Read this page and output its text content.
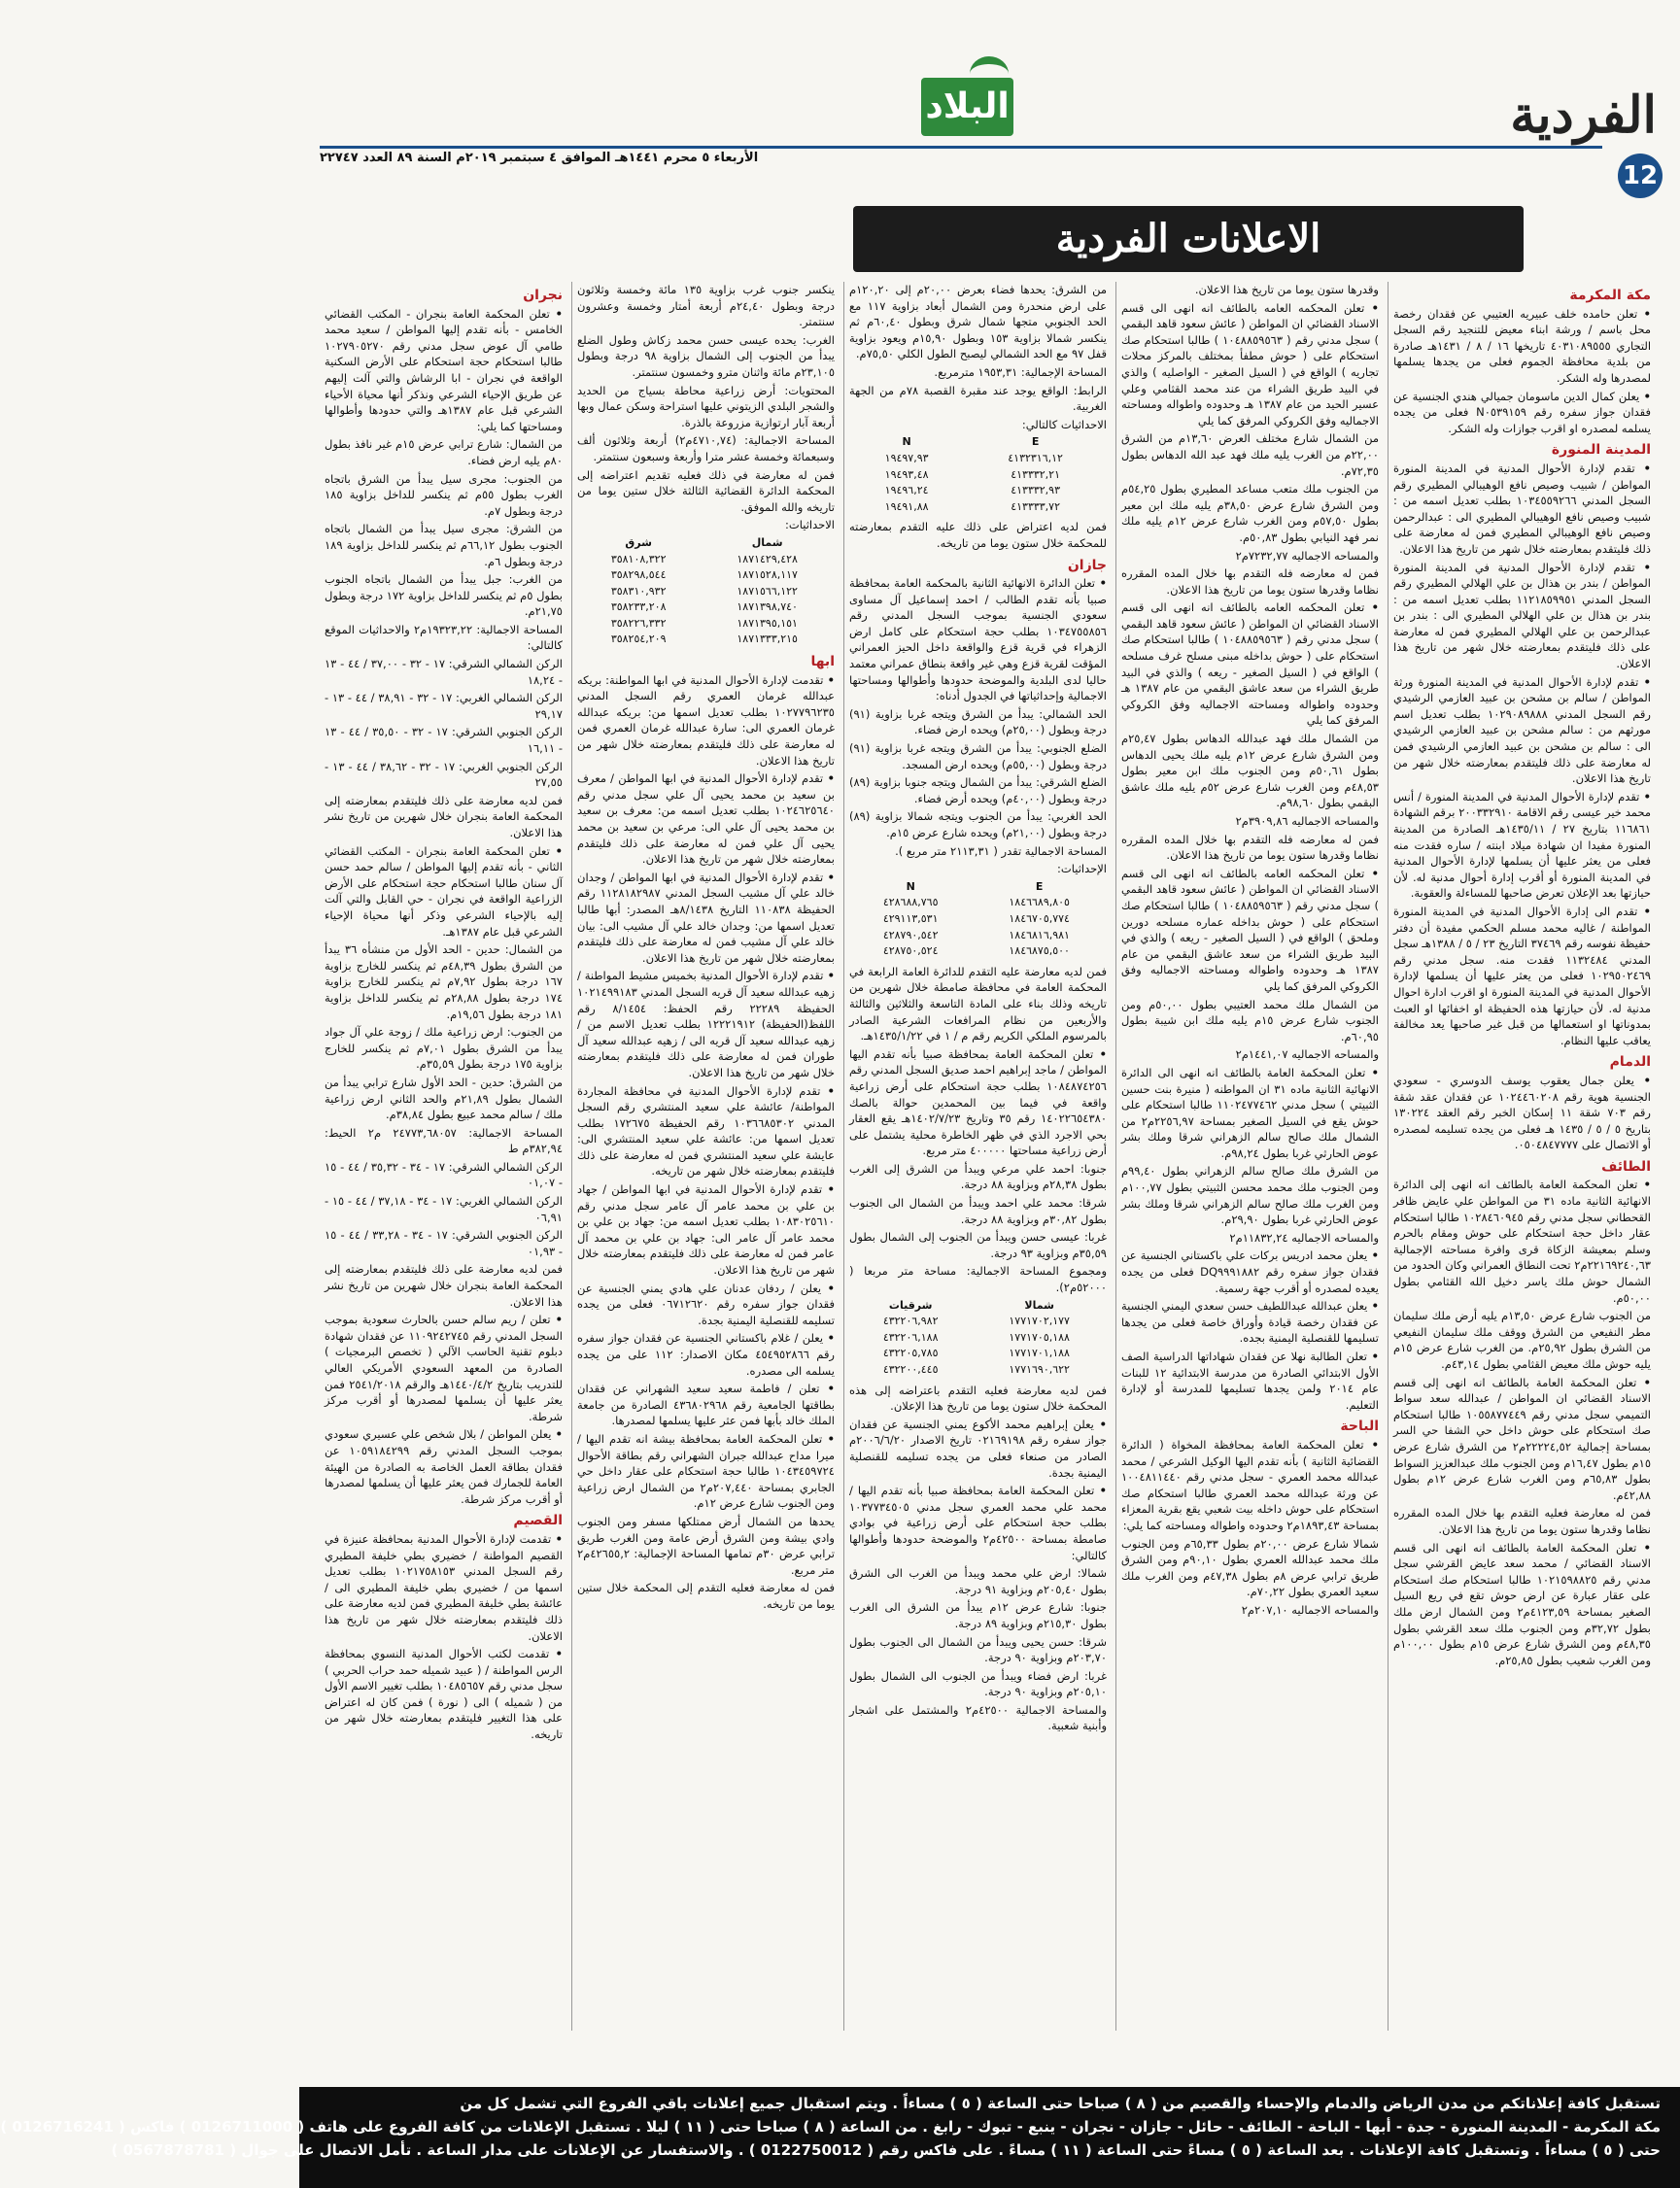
البلاد	الفردية
الأربعاء ٥ محرم ١٤٤١هـ الموافق ٤ سبتمبر ٢٠١٩م السنة ٨٩ العدد ٢٢٧٤٧
12
الاعلانات الفردية
مكة المكرمة

• تعلن حامده خلف عبيريه العتيبي عن فقدان رخصة محل باسم / ورشة ابناء معيض للتنجيد رقم السجل التجاري ٤٠٣١٠٨٩٥٥٥ تاريخها ١٦ / ٨ / ١٤٣١هـ صادرة من بلدية محافظة الجموم فعلى من يجدها يسلمها لمصدرها وله الشكر.

• يعلن كمال الدين ماسومان جميالي هندي الجنسية عن فقدان جواز سفره رقم N٠٥٣٩١٥٩ فعلى من يجده يسلمه لمصدره او اقرب جوازات وله الشكر.

المدينة المنورة

• تقدم لإدارة الأحوال المدنية في المدينة المنورة المواطن / شبيب وصيص نافع الوهيبالي المطيري رقم السجل المدني ١٠٣٤٥٥٩٢٦٦ بطلب تعديل اسمه من : شبيب وصيص نافع الوهيبالي المطيري الى : عبدالرحمن وصيص نافع الوهيبالي المطيري فمن له معارضة على ذلك فليتقدم بمعارضته خلال شهر من تاريخ هذا الاعلان.

• تقدم لإدارة الأحوال المدنية في المدينة المنورة المواطن / بندر بن هذال بن علي الهلالي المطيري رقم السجل المدني ١١٢١٨٥٩٩٥١ بطلب تعديل اسمه من : بندر بن هذال بن علي الهلالي المطيري الى : بندر بن عبدالرحمن بن علي الهلالي المطيري فمن له معارضة على ذلك فليتقدم بمعارضته خلال شهر من تاريخ هذا الاعلان.

• تقدم لإدارة الأحوال المدنية في المدينة المنورة ورثة المواطن / سالم بن مشحن بن عبيد العازمي الرشيدي رقم السجل المدني ١٠٢٩٠٨٩٨٨٨ بطلب تعديل اسم مورثهم من : سالم مشحن بن عبيد العازمي الرشيدي الى : سالم بن مشحن بن عبيد العازمي الرشيدي فمن له معارضة على ذلك فليتقدم بمعارضته خلال شهر من تاريخ هذا الاعلان.

• تقدم لإدارة الأحوال المدنية في المدينة المنورة / أنس محمد خير عيسى رقم الاقامة ٢٠٠٣٣٢٩١٠ برقم الشهادة ١١٦٨٦١ بتاريخ ٢٧ / ١٤٣٥/١١هـ الصادرة من المدينة المنورة مفيدا ان شهادة ميلاد ابنته / ساره فقدت منه فعلى من يعثر عليها أن يسلمها لإدارة الأحوال المدنية في المدينة المنورة أو أقرب إدارة أحوال مدنية له. لأن حيازتها بعد الإعلان تعرض صاحبها للمساءلة والعقوبة.

• تقدم الى إدارة الأحوال المدنية في المدينة المنورة المواطنة / غاليه محمد مسلم الحكمي مفيدة أن دفتر حفيظة نفوسه رقم ٣٧٤٦٩ التاريخ ٢٣ / ٥ / ١٣٨٨هـ سجل المدني ١١٣٢٤٨٤ فقدت منه. سجل مدني رقم ١٠٢٩٥٠٢٤٦٩ فعلى من يعثر عليها أن يسلمها لإدارة الأحوال المدنية في المدينة المنورة او اقرب ادارة احوال مدنية له. لأن حيازتها هذه الحفيظة او اخفائها او العبث بمدوناتها او استعمالها من قبل غير صاحبها يعد مخالفة يعاقب عليها النظام.

الدمام

• يعلن جمال يعقوب يوسف الدوسري - سعودي الجنسية هوية رقم ١٠٢٤٤٦٠٢٠٨ عن فقدان عقد شقة رقم ٧٠٣ شقة ١١ إسكان الخبر رقم العقد ١٣٠٢٢٤ بتاريخ ٥ / ٥ / ١٤٣٥ هـ فعلى من يجده تسليمه لمصدره أو الاتصال على ٠٥٠٤٨٤٧٧٧٧.

الطائف

• تعلن المحكمة العامة بالطائف انه انهى إلى الدائرة الانهائية الثانية ماده ٣١ من المواطن علي عايض ظافر القحطاني سجل مدني رقم ١٠٢٨٤٦٠٩٤٥ طالبا استحكام عقار داخل حجة استحكام على حوش ومقام بالحرم وسلم بمعيشة الزكاة قرى وافرة مساحته الإجمالية ٢٢١٦٩٢٤٠,٦٣م٢ تحت النطاق العمراني وكان الحدود من الشمال حوش ملك ياسر دخيل الله القثامي بطول ٥٠,٠٠م.

من الجنوب شارع عرض ١٣,٥٠م يليه أرض ملك سليمان مطر النفيعي من الشرق ووقف ملك سليمان النفيعي من الشرق بطول ٢٥,٩٢م. من الغرب شارع عرض ١٥م يليه حوش ملك معيض القثامي بطول ٤٣,١٤م.

• تعلن المحكمة العامة بالطائف انه انهى إلى قسم الاسناد القضائي ان المواطن / عبدالله سعد سواط التميمي سجل مدني رقم ١٠٥٥٨٧٧٤٤٩ طالبا استحكام صك استحكام على حوش داخل حي الشفا حي السر بمساحة إجمالية ٢٢٢٢٤,٥٢م٢ من الشرق شارع عرض ١٥م بطول ١٦,٤٧م ومن الجنوب ملك عبدالعزيز السواط بطول ٦٥,٨٣م ومن الغرب شارع عرض ١٢م بطول ٤٢,٨٨م.

فمن له معارضة فعليه التقدم بها خلال المده المقرره نظاما وقدرها ستون يوما من تاريخ هذا الاعلان.

• تعلن المحكمة العامة بالطائف انه انهى الى قسم الاسناد القضائي / محمد سعد عايض القرشي سجل مدني رقم ١٠٢١٥٩٨٨٢٥ طالبا استحكام صك استحكام على عقار عبارة عن ارض حوش تقع في ريع السيل الصغير بمساحة ٤١٢٣,٥٩م٢ ومن الشمال ارض ملك بطول ٣٢,٧٢م ومن الجنوب ملك سعد القرشي بطول ٤٨,٣٥م ومن الشرق شارع عرض ١٥م بطول ١٠٠,٠٠م ومن الغرب شعيب بطول ٢٥,٨٥م.

وقدرها ستون يوما من تاريخ هذا الاعلان.

• تعلن المحكمه العامه بالطائف انه انهى الى قسم الاسناد القضائي ان المواطن ( عائش سعود قاهد البقمي ) سجل مدني رقم ( ١٠٤٨٨٥٩٥٦٣ ) طالبا استحكام صك استحكام على ( حوش مطفأ بمختلف بالمركز محلات تجاريه ) الواقع في ( السيل الصغير - الواصليه ) والذي في البيد طريق الشراء من عند محمد القثامي وعلي عسير الحيد من عام ١٣٨٧ هـ وحدوده واطواله ومساحته الاجماليه وفق الكروكي المرفق كما يلي

من الشمال شارع مختلف العرض ١٣,٦٠م من الشرق ٢٢,٠٠م من الغرب يليه ملك فهد عبد الله الدهاس بطول ٧٢,٣٥م.

من الجنوب ملك متعب مساعد المطيري بطول ٥٤,٢٥م ومن الشرق شارع عرض ٣٨,٥٠م يليه ملك ابن معير بطول ٥٧,٥٠م ومن الغرب شارع عرض ١٢م يليه ملك نمر فهد النيابي بطول ٥٠,٨٣م.

والمساحه الاجماليه ٧٢٣٢,٧٧م٢

فمن له معارضه فله التقدم بها خلال المده المقرره نظاما وقدرها ستون يوما من تاريخ هذا الاعلان.

• تعلن المحكمه العامه بالطائف انه انهى الى قسم الاسناد القضائي ان المواطن ( عائش سعود قاهد البقمي ) سجل مدني رقم ( ١٠٤٨٨٥٩٥٦٣ ) طالبا استحكام صك استحكام على ( حوش بداخله مبنى مسلح غرف مسلحه ) الواقع في ( السيل الصغير - ريعه ) والذي في البيد طريق الشراء من سعد عاشق البقمي من عام ١٣٨٧ هـ وحدوده واطواله ومساحته الاجماليه وفق الكروكي المرفق كما يلي

من الشمال ملك فهد عبدالله الدهاس بطول ٢٥,٤٧م ومن الشرق شارع عرض ١٢م يليه ملك يحيى الدهاس بطول ٥٠,٦١م ومن الجنوب ملك ابن معير بطول ٤٨,٥٣م ومن الغرب شارع عرض ٥٢م يليه ملك عاشق البقمي بطول ٩٨,٦٠م.

والمساحه الاجماليه ٣٩٠٩,٨٦م٢

فمن له معارضه فله التقدم بها خلال المده المقرره نظاما وقدرها ستون يوما من تاريخ هذا الاعلان.

• تعلن المحكمه العامه بالطائف انه انهى الى قسم الاسناد القضائي ان المواطن ( عائش سعود قاهد البقمي ) سجل مدني رقم ( ١٠٤٨٨٥٩٥٦٣ ) طالبا استحكام صك استحكام على ( حوش بداخله عماره مسلحه دورين وملحق ) الواقع في ( السيل الصغير - ريعه ) والذي في البيد طريق الشراء من سعد عاشق البقمي من عام ١٣٨٧ هـ وحدوده واطواله ومساحته الاجماليه وفق الكروكي المرفق كما يلي

من الشمال ملك محمد العتيبي بطول ٥٠,٠٠م ومن الجنوب شارع عرض ١٥م يليه ملك ابن شيبة بطول ٦٠,٩٥م.

والمساحه الاجماليه ١٤٤١,٠٧م٢

• تعلن المحكمة العامة بالطائف انه انهى الى الدائرة الانهائية الثانية ماده ٣١ ان المواطنه ( منيرة بنت حسين الثبيتي ) سجل مدني ١١٠٢٤٧٧٤٦٢ طالبا استحكام على حوش يقع في السيل الصغير بمساحة ٢٢٥٦,٩٧م٢ من الشمال ملك صالح سالم الزهراني شرقا وملك بشر عوض الحارثي غربا بطول ٩٨,٢٤م.

من الشرق ملك صالح سالم الزهراني بطول ٩٩,٤٠م ومن الجنوب ملك محمد محسن الثبيتي بطول ١٠٠,٧٧م ومن الغرب ملك صالح سالم الزهراني شرقا وملك بشر عوض الحارثي غربا بطول ٢٩,٩٠م.

والمساحه الاجماليه ١١٨٣٢,٢٤م٢

• يعلن محمد ادريس بركات علي باكستاني الجنسية عن فقدان جواز سفره رقم DQ٩٩٩١٨٨٢ فعلى من يجده يعيده لمصدره أو أقرب جهة رسمية.

• يعلن عبدالله عبداللطيف حسن سعدي اليمني الجنسية عن فقدان رخصة قيادة وأوراق خاصة فعلى من يجدها تسليمها للقنصلية اليمنية بجده.

• تعلن الطالبة نهلا عن فقدان شهاداتها الدراسية الصف الأول الابتدائي الصادرة من مدرسة الابتدائية ١٢ للبنات عام ٢٠١٤ ولمن يجدها تسليمها للمدرسة أو لإدارة التعليم.

الباحة

• تعلن المحكمة العامة بمحافظة المخواة ( الدائرة القضائية الثانية ) بأنه تقدم اليها الوكيل الشرعي / محمد عبدالله محمد العمري - سجل مدني رقم ١٠٠٤٨١١٤٤٠ عن ورثة عبدالله محمد العمري طالبا استحكام صك استحكام على حوش داخله بيت شعبي يقع بقرية المعزاء بمساحة ١٨٩٣,٤٣م٢ وحدوده واطواله ومساحته كما يلي:

شمالا شارع عرض ٢٠,٠٠م بطول ٦٥,٣٣م ومن الجنوب ملك محمد عبدالله العمري بطول ٩٠,١٠م ومن الشرق طريق ترابي عرض ٨م بطول ٤٧,٣٨م ومن الغرب ملك سعيد العمري بطول ٧٠,٢٢م.

والمساحه الاجماليه ٢٠٧,١٠م٢

من الشرق: يحدها فضاء بعرض ٢٠,٠٠م إلى ١٢٠,٢٠م على ارض منحدرة ومن الشمال أبعاد بزاوية ١١٧ مع الحد الجنوبي متجها شمال شرق وبطول ٦٠,٤٠م ثم ينكسر شمالا بزاوية ١٥٣ وبطول ١٥,٩٠م ويعود بزاوية قفل ٩٧ مع الحد الشمالي ليصبح الطول الكلي ٧٥,٥٠م.

المساحة الإجمالية: ١٩٥٣,٣١ مترمربع.

الرابط: الواقع يوجد عند مقبرة القصبة ٧٨م من الجهة الغربية.

الاحداثيات كالتالي:

E	N
٤١٣٢٣١٦,١٢	١٩٤٩٧,٩٣
٤١٣٣٣٢,٢١	١٩٤٩٣,٤٨
٤١٣٣٣٢,٩٣	١٩٤٩٦,٢٤
٤١٣٣٣٣,٧٢	١٩٤٩١,٨٨

فمن لديه اعتراض على ذلك عليه التقدم بمعارضته للمحكمة خلال ستون يوما من تاريخه.

جازان

• تعلن الدائرة الانهائية الثانية بالمحكمة العامة بمحافظة صبيا بأنه تقدم الطالب / احمد إسماعيل آل مساوى سعودي الجنسية بموجب السجل المدني رقم ١٠٣٤٧٥٥٨٥٦ بطلب حجة استحكام على كامل ارض الزهراء في قرية قزع والواقعة داخل الحيز العمراني المؤقت لقرية قزع وهي غير واقعة بنطاق عمراني معتمد حاليا لدى البلدية والموضحة حدودها وأطوالها ومساحتها الاجمالية وإحداثياتها في الجدول أدناه:

الحد الشمالي: يبدأ من الشرق ويتجه غربا بزاوية (٩١) درجة وبطول (٢٥,٠٠م) ويحده ارض فضاء.

الضلع الجنوبي: يبدأ من الشرق ويتجه غربا بزاوية (٩١) درجة وبطول (٥٥,٠٠م) ويحده ارض المسجد.

الضلع الشرقي: يبدأ من الشمال ويتجه جنوبا بزاوية (٨٩) درجة وبطول (٤٠,٠٠م) ويحده أرض فضاء.

الحد الغربي: يبدأ من الجنوب ويتجه شمالا بزاوية (٨٩) درجة وبطول (٢١,٠٠م) ويحده شارع عرض ١٥م.

المساحة الاجمالية تقدر ( ٢١١٣,٣١ متر مربع ).

الإحداثيات:

E	N
١٨٤٦٦٨٩,٨٠٥	٤٢٨٦٨٨,٧٦٥
١٨٤٦٧٠٥,٧٧٤	٤٢٩١١٣,٥٣١
١٨٤٦٨١٦,٩٨١	٤٢٨٧٩٠,٥٤٢
١٨٤٦٨٧٥,٥٠٠	٤٢٨٧٥٠,٥٢٤

فمن لديه معارضة عليه التقدم للدائرة العامة الرابعة في المحكمة العامة في محافظة صامطة خلال شهرين من تاريخه وذلك بناء على المادة التاسعة والثلاثين والثالثة والأربعين من نظام المرافعات الشرعية الصادر بالمرسوم الملكي الكريم رقم م / ١ في ١٤٣٥/١/٢٢هـ.

• تعلن المحكمة العامة بمحافظة صبيا بأنه تقدم اليها المواطن / ماجد إبراهيم احمد صديق السجل المدني رقم ١٠٨٤٨٧٤٢٥٦ بطلب حجة استحكام على أرض زراعية واقعة في فيما بين المحمدين حوالة بالصك ١٤٠٢٢٦٥٤٣٨٠ رقم ٣٥ وتاريخ ١٤٠٢/٧/٢٣هـ يقع العقار بحي الاجرد الذي في ظهر الخاطرة محلية يشتمل على أرض زراعية مساحتها ٤٠٠٠٠٠ متر مربع.

جنوبا: احمد علي مرعي ويبدأ من الشرق إلى الغرب بطول ٢٨,٣٨م وبزاوية ٨٨ درجة.

شرقا: محمد علي احمد ويبدأ من الشمال الى الجنوب بطول ٣٠,٨٢م وبزاوية ٨٨ درجة.

غربا: عيسى حسن ويبدأ من الجنوب إلى الشمال بطول ٣٥,٥٩م وبزاوية ٩٣ درجة.

ومجموع المساحة الاجمالية: مساحة متر مربعا ( ٥٢٠٠٠م٢).

شمالا	شرقيات
١٧٧١٧٠٢,١٧٧	٤٣٢٢٠٦,٩٨٢
١٧٧١٧٠٥,١٨٨	٤٣٢٢٠٦,١٨٨
١٧٧١٧٠١,١٨٨	٤٣٢٢٠٥,٧٨٥
١٧٧١٦٩٠,٦٢٢	٤٣٢٢٠٠,٤٤٥

فمن لديه معارضة فعليه التقدم باعتراضه إلى هذه المحكمة خلال ستون يوما من تاريخ هذا الإعلان.

• يعلن إبراهيم محمد الأكوع يمني الجنسية عن فقدان جواز سفره رقم ٠٢١٦٩١٩٨ تاريخ الاصدار ٢٠٠٦/٦/٢٠م الصادر من صنعاء فعلى من يجده تسليمه للقنصلية اليمنية بجدة.

• تعلن المحكمة العامة بمحافظة صبيا بأنه تقدم اليها / محمد علي محمد العمري سجل مدني ١٠٣٧٧٣٤٥٠٥ بطلب حجة استحكام على أرض زراعية في بوادي صامطة بمساحة ٤٢٥٠٠م٢ والموضحة حدودها وأطوالها كالتالي:

شمالا: ارض علي محمد ويبدأ من الغرب الى الشرق بطول ٢٠٥,٤٠م وبزاوية ٩١ درجة.

جنوبا: شارع عرض ١٢م يبدأ من الشرق الى الغرب بطول ٢١٥,٣٠م وبزاوية ٨٩ درجة.

شرقا: حسن يحيى ويبدأ من الشمال الى الجنوب بطول ٢٠٣,٧٠م وبزاوية ٩٠ درجة.

غربا: ارض فضاء ويبدأ من الجنوب الى الشمال بطول ٢٠٥,١٠م وبزاوية ٩٠ درجة.

والمساحة الاجمالية ٤٢٥٠٠م٢ والمشتمل على اشجار وأبنية شعبية.

ينكسر جنوب غرب بزاوية ١٣٥ مائة وخمسة وثلاثون درجة وبطول ٢٤,٤٠م أربعة أمتار وخمسة وعشرون سنتمتر.

الغرب: يحده عيسى حسن محمد زكاش وطول الضلع يبدأ من الجنوب إلى الشمال بزاوية ٩٨ درجة وبطول ٢٣,١٠٥م مائة واثنان مترو وخمسون سنتمتر.

المحتويات: أرض زراعية محاطة بسياج من الحديد والشجر البلدي الزيتوني عليها استراحة وسكن عمال وبها أربعة آبار ارتوازية مزروعة بالذرة.

المساحة الاجمالية: (٤٧١٠,٧٤م٢) أربعة وثلاثون ألف وسبعمائة وخمسة عشر مترا وأربعة وسبعون سنتمتر.

فمن له معارضة في ذلك فعليه تقديم اعتراضه إلى المحكمة الدائرة القضائية الثالثة خلال ستين يوما من تاريخه والله الموفق.

الاحداثيات:

شمال	شرق
١٨٧١٤٢٩,٤٢٨	٣٥٨١٠٨,٣٢٢
١٨٧١٥٢٨,١١٧	٣٥٨٢٩٨,٥٤٤
١٨٧١٥٦٦,١٢٢	٣٥٨٣١٠,٩٣٢
١٨٧١٣٩٨,٧٤٠	٣٥٨٢٣٣,٢٠٨
١٨٧١٣٩٥,١٥١	٣٥٨٢٢٦,٣٣٢
١٨٧١٣٣٣,٢١٥	٣٥٨٢٥٤,٢٠٩
ابها

• تقدمت لإدارة الأحوال المدنية في ابها المواطنة: بريكه عبدالله غرمان العمري رقم السجل المدني ١٠٢٧٧٩٦٢٣٥ بطلب تعديل اسمها من: بريكه عبدالله غرمان العمري الى: سارة عبدالله غرمان العمري فمن له معارضة على ذلك فليتقدم بمعارضته خلال شهر من تاريخ هذا الاعلان.

• تقدم لإدارة الأحوال المدنية في ابها المواطن / معرف بن سعيد بن محمد يحيى آل علي سجل مدني رقم ١٠٢٤٦٢٥٦٤٠ بطلب تعديل اسمه من: معرف بن سعيد بن محمد يحيى آل علي الى: مرعي بن سعيد بن محمد يحيى آل علي فمن له معارضة على ذلك فليتقدم بمعارضته خلال شهر من تاريخ هذا الاعلان.

• تقدم لإدارة الأحوال المدنية في ابها المواطن / وجدان خالد علي آل مشيب السجل المدني ١١٢٨١٨٢٩٨٧ رقم الحفيظة ١١٠٨٣٨ التاريخ ٨/١٤٣٨هـ المصدر: أبها طالبا تعديل اسمها من: وجدان خالد علي آل مشيب الى: بيان خالد علي آل مشيب فمن له معارضة على ذلك فليتقدم بمعارضته خلال شهر من تاريخ هذا الاعلان.

• تقدم لإدارة الأحوال المدنية بخميس مشيط المواطنة / زهيه عبدالله سعيد آل قريه السجل المدني ١٠٢١٤٩٩١٨٣ الحفيظة ٢٢٢٨٩ رقم الحفظ: ٨/١٤٥٤ رقم اللفظ(الحفيظة) ١٢٢٢١٩١٢ بطلب تعديل الاسم من / زهيه عبدالله سعيد آل قريه الى / زهيه عبدالله سعيد آل طوران فمن له معارضة على ذلك فليتقدم بمعارضته خلال شهر من تاريخ هذا الاعلان.

• تقدم لإدارة الأحوال المدنية في محافظة المجاردة المواطنة/ عائشة علي سعيد المنتشري رقم السجل المدني ١٠٣٦٦٨٥٣٠٢ رقم الحفيظة ١٧٢٦٧٥ بطلب تعديل اسمها من: عائشة علي سعيد المنتشري الى: عايشة علي سعيد المنتشري فمن له معارضة على ذلك فليتقدم بمعارضته خلال شهر من تاريخه.

• تقدم لإدارة الأحوال المدنية في ابها المواطن / جهاد بن علي بن محمد عامر آل عامر سجل مدني رقم ١٠٨٣٠٢٥٦١٠ بطلب تعديل اسمه من: جهاد بن علي بن محمد عامر آل عامر الى: جهاد بن علي بن محمد آل عامر فمن له معارضة على ذلك فليتقدم بمعارضته خلال شهر من تاريخ هذا الاعلان.

• يعلن / ردفان عدنان علي هادي يمني الجنسية عن فقدان جواز سفره رقم ٠٦٧١٢٦٢٠ فعلى من يجده تسليمه للقنصلية اليمنية بجدة.

• يعلن / غلام باكستاني الجنسية عن فقدان جواز سفره رقم ٤٥٤٩٥٢٨٦٦ مكان الاصدار: ١١٢ على من يجده يسلمه الى مصدره.

• تعلن / فاطمة سعيد سعيد الشهراني عن فقدان بطاقتها الجامعية رقم ٤٣٦٨٠٢٩٦٨ الصادرة من جامعة الملك خالد بأبها فمن عثر عليها يسلمها لمصدرها.

• تعلن المحكمة العامة بمحافظة بيشة انه تقدم اليها / ميرا مداح عبدالله جبران الشهراني رقم بطاقة الأحوال ١٠٤٣٤٥٩٧٢٤ طالبا حجة استحكام على عقار داخل حي الجابري بمساحة ٢٠٧,٤٤٠م٢ من الشمال ارض زراعية ومن الجنوب شارع عرض ١٢م.

يحدها من الشمال أرض ممتلكها مسفر ومن الجنوب وادي بيشة ومن الشرق أرض عامة ومن الغرب طريق ترابي عرض ٣٠م تمامها المساحة الإجمالية: ٤٢٦٥٥,٢م٢ متر مربع.

فمن له معارضة فعليه التقدم إلى المحكمة خلال ستين يوما من تاريخه.

نجران

• تعلن المحكمة العامة بنجران - المكتب القضائي الخامس - بأنه تقدم إليها المواطن / سعيد محمد طامي آل عوض سجل مدني رقم ١٠٢٧٩٠٥٢٧٠ طالبا استحكام حجة استحكام على الأرض السكنية الواقعة في نجران - ابا الرشاش والتي آلت إليهم عن طريق الإحياء الشرعي ونذكر أنها محياة الأحياء الشرعي قبل عام ١٣٨٧هـ والتي حدودها وأطوالها ومساحتها كما يلي:

من الشمال: شارع ترابي عرض ١٥م غير نافذ بطول ٨٠م يليه ارض فضاء.

من الجنوب: مجرى سيل يبدأ من الشرق باتجاه الغرب بطول ٥٥م ثم ينكسر للداخل بزاوية ١٨٥ درجة وبطول ٧م.

من الشرق: مجرى سيل يبدأ من الشمال باتجاه الجنوب بطول ٦٦,١٢م ثم ينكسر للداخل بزاوية ١٨٩ درجة وبطول ٦م.

من الغرب: جبل يبدأ من الشمال باتجاه الجنوب بطول ٥م ثم ينكسر للداخل بزاوية ١٧٢ درجة وبطول ٢١,٧٥م.

المساحة الاجمالية: ١٩٣٢٣,٢٢م٢ والاحداثيات الموقع كالتالي:

الركن الشمالي الشرقي: ١٧ - ٣٢ - ٣٧,٠٠ / ٤٤ - ١٣ - ١٨,٢٤

الركن الشمالي الغربي: ١٧ - ٣٢ - ٣٨,٩١ / ٤٤ - ١٣ - ٢٩,١٧

الركن الجنوبي الشرقي: ١٧ - ٣٢ - ٣٥,٥٠ / ٤٤ - ١٣ - ١٦,١١

الركن الجنوبي الغربي: ١٧ - ٣٢ - ٣٨,٦٢ / ٤٤ - ١٣ - ٢٧,٥٥

فمن لديه معارضة على ذلك فليتقدم بمعارضته إلى المحكمة العامة بنجران خلال شهرين من تاريخ نشر هذا الاعلان.

• تعلن المحكمة العامة بنجران - المكتب القضائي الثاني - بأنه تقدم إليها المواطن / سالم حمد حسن آل سنان طالبا استحكام حجة استحكام على الأرض الزراعية الواقعة في نجران - حي القابل والتي آلت إليه بالإحياء الشرعي وذكر أنها محياة الإحياء الشرعي قبل عام ١٣٨٧هـ.

من الشمال: حدين - الحد الأول من منشأه ٣٦ يبدأ من الشرق بطول ٤٨,٣٩م ثم ينكسر للخارج بزاوية ١٦٧ درجة بطول ٧,٩٢م ثم ينكسر للخارج بزاوية ١٧٤ درجة بطول ٢٨,٨٨م ثم ينكسر للداخل بزاوية ١٨١ درجة بطول ١٩,٥٦م.

من الجنوب: ارض زراعية ملك / زوجة علي آل جواد يبدأ من الشرق بطول ٧,٠١م ثم ينكسر للخارج بزاوية ١٧٥ درجة بطول ٣٥,٥٩م.

من الشرق: حدين - الحد الأول شارع ترابي يبدأ من الشمال بطول ٢١,٨٩م والحد الثاني ارض زراعية ملك / سالم محمد عبيع بطول ٣٨,٨٤م.

المساحة الاجمالية: ٢٤٧٧٣,٦٨٠٥٧ م٢ الحيط: ٣٨٢,٩٤م ط

الركن الشمالي الشرقي: ١٧ - ٣٤ - ٣٥,٣٢ / ٤٤ - ١٥ - ٠١,٠٧

الركن الشمالي الغربي: ١٧ - ٣٤ - ٣٧,١٨ / ٤٤ - ١٥ - ٠٦,٩١

الركن الجنوبي الشرقي: ١٧ - ٣٤ - ٣٣,٢٨ / ٤٤ - ١٥ - ٠١,٩٣

فمن لديه معارضة على ذلك فليتقدم بمعارضته إلى المحكمة العامة بنجران خلال شهرين من تاريخ نشر هذا الاعلان.

• تعلن / ريم سالم حسن بالحارث سعودية بموجب السجل المدني رقم ١١٠٩٢٤٢٧٤٥ عن فقدان شهادة دبلوم تقنية الحاسب الآلي ( تخصص البرمجيات ) الصادرة من المعهد السعودي الأمريكي العالي للتدريب بتاريخ ١٤٤٠/٤/٢هـ والرقم ٢٥٤١/٢٠١٨ فمن يعثر عليها أن يسلمها لمصدرها أو أقرب مركز شرطة.

• يعلن المواطن / بلال شخص علي عسيري سعودي بموجب السجل المدني رقم ١٠٥٩١٨٤٢٩٩ عن فقدان بطاقة العمل الخاصة به الصادرة من الهيئة العامة للجمارك فمن يعثر عليها أن يسلمها لمصدرها أو أقرب مركز شرطة.

القصيم

• تقدمت لإدارة الأحوال المدنية بمحافظة عنيزة في القصيم المواطنة / خضيري بطي خليفة المطيري رقم السجل المدني ١٠٢١٧٥٨١٥٣ بطلب تعديل اسمها من / خضيري بطي خليفة المطيري الى / عائشة بطي خليفة المطيري فمن لديه معارضة على ذلك فليتقدم بمعارضته خلال شهر من تاريخ هذا الاعلان.

• تقدمت لكتب الأحوال المدنية النسوي بمحافظة الرس المواطنة / ( عبيد شميله حمد حراب الحربي ) سجل مدني رقم ١٠٤٨٥٦٥٧ بطلب تغيير الاسم الأول من ( شميله ) الى ( نورة ) فمن كان له اعتراض على هذا التغيير فليتقدم بمعارضته خلال شهر من تاريخه.

تستقبل كافة إعلاناتكم من مدن الرياض والدمام والإحساء والقصيم من ( ٨ ) صباحا حتى الساعة ( ٥ ) مساءاً . ويتم استقبال جميع إعلانات باقي الفروع التي تشمل كل من
مكة المكرمة - المدينة المنورة - جدة - أبها - الباحة - الطائف - حائل - جازان - نجران - ينبع - تبوك - رابغ . من الساعة ( ٨ ) صباحا حتى ( ١١ ) ليلا . تستقبل الإعلانات من كافة الفروع على هاتف ( 0126711000 ) فاكس ( 0126716241 )
حتى ( ٥ ) مساءاً . وتستقبل كافة الإعلانات . بعد الساعة ( ٥ ) مساءً حتى الساعة ( ١١ ) مساءً . على فاكس رقم ( 0122750012 ) . والاستفسار عن الإعلانات على مدار الساعة . تأمل الاتصال على جوال ( 0567878781 )
